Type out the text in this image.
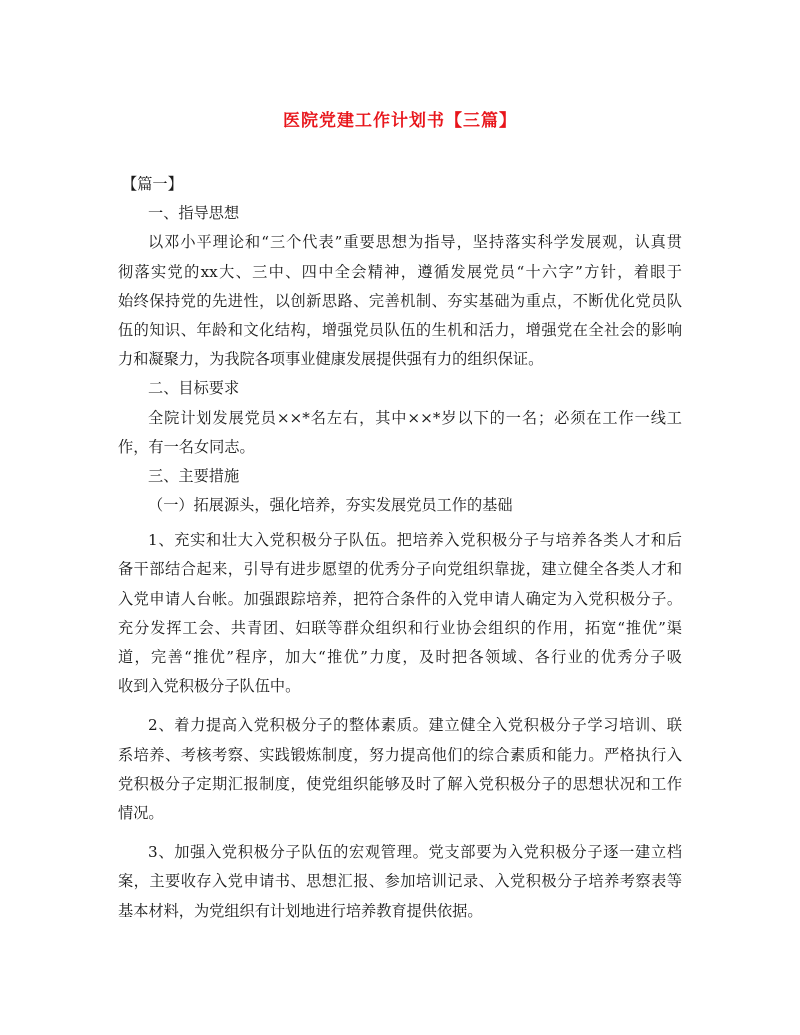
医院党建工作计划书【三篇】
【篇一】
一、指导思想
以邓小平理论和“三个代表”重要思想为指导，坚持落实科学发展观，认真贯
彻落实党的xx大、三中、四中全会精神，遵循发展党员“十六字”方针，着眼于
始终保持党的先进性，以创新思路、完善机制、夯实基础为重点，不断优化党员队
伍的知识、年龄和文化结构，增强党员队伍的生机和活力，增强党在全社会的影响
力和凝聚力，为我院各项事业健康发展提供强有力的组织保证。
二、目标要求
全院计划发展党员××*名左右，其中××*岁以下的一名；必须在工作一线工
作，有一名女同志。
三、主要措施
（一）拓展源头，强化培养，夯实发展党员工作的基础
1、充实和壮大入党积极分子队伍。把培养入党积极分子与培养各类人才和后
备干部结合起来，引导有进步愿望的优秀分子向党组织靠拢，建立健全各类人才和
入党申请人台帐。加强跟踪培养，把符合条件的入党申请人确定为入党积极分子。
充分发挥工会、共青团、妇联等群众组织和行业协会组织的作用，拓宽“推优”渠
道，完善“推优”程序，加大“推优”力度，及时把各领域、各行业的优秀分子吸
收到入党积极分子队伍中。
2、着力提高入党积极分子的整体素质。建立健全入党积极分子学习培训、联
系培养、考核考察、实践锻炼制度，努力提高他们的综合素质和能力。严格执行入
党积极分子定期汇报制度，使党组织能够及时了解入党积极分子的思想状况和工作
情况。
3、加强入党积极分子队伍的宏观管理。党支部要为入党积极分子逐一建立档
案，主要收存入党申请书、思想汇报、参加培训记录、入党积极分子培养考察表等
基本材料，为党组织有计划地进行培养教育提供依据。
